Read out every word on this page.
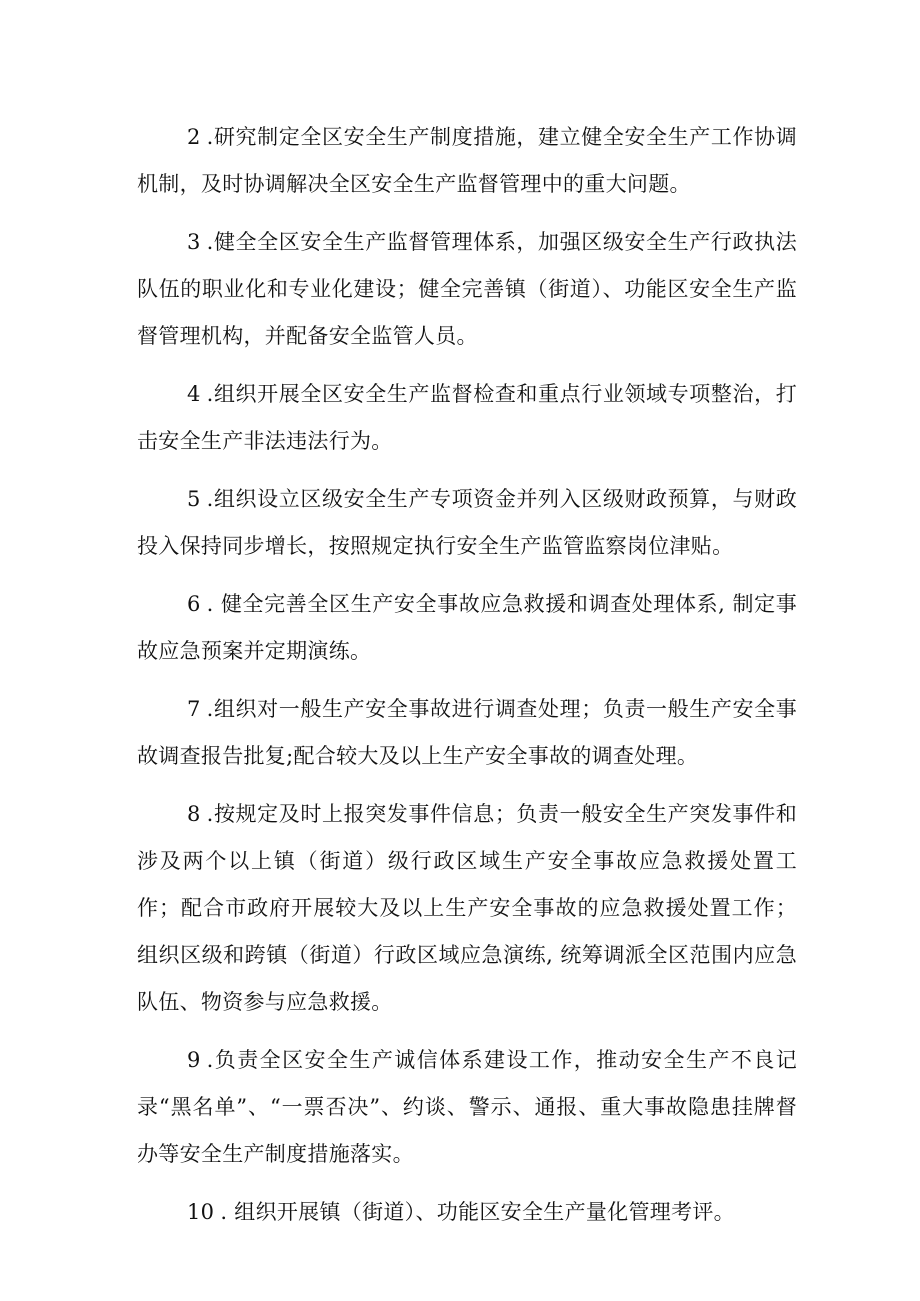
2 .研究制定全区安全生产制度措施，建立健全安全生产工作协调机制，及时协调解决全区安全生产监督管理中的重大问题。

3 .健全全区安全生产监督管理体系，加强区级安全生产行政执法队伍的职业化和专业化建设；健全完善镇（街道）、功能区安全生产监督管理机构，并配备安全监管人员。

4 .组织开展全区安全生产监督检查和重点行业领域专项整治，打击安全生产非法违法行为。

5 .组织设立区级安全生产专项资金并列入区级财政预算，与财政投入保持同步增长，按照规定执行安全生产监管监察岗位津贴。

6 . 健全完善全区生产安全事故应急救援和调查处理体系, 制定事故应急预案并定期演练。

7 .组织对一般生产安全事故进行调查处理；负责一般生产安全事故调查报告批复;配合较大及以上生产安全事故的调查处理。

8 .按规定及时上报突发事件信息；负责一般安全生产突发事件和涉及两个以上镇（街道）级行政区域生产安全事故应急救援处置工作；配合市政府开展较大及以上生产安全事故的应急救援处置工作；组织区级和跨镇（街道）行政区域应急演练, 统筹调派全区范围内应急队伍、物资参与应急救援。

9 .负责全区安全生产诚信体系建设工作，推动安全生产不良记录“黑名单”、“一票否决”、约谈、警示、通报、重大事故隐患挂牌督办等安全生产制度措施落实。

10 . 组织开展镇（街道）、功能区安全生产量化管理考评。
